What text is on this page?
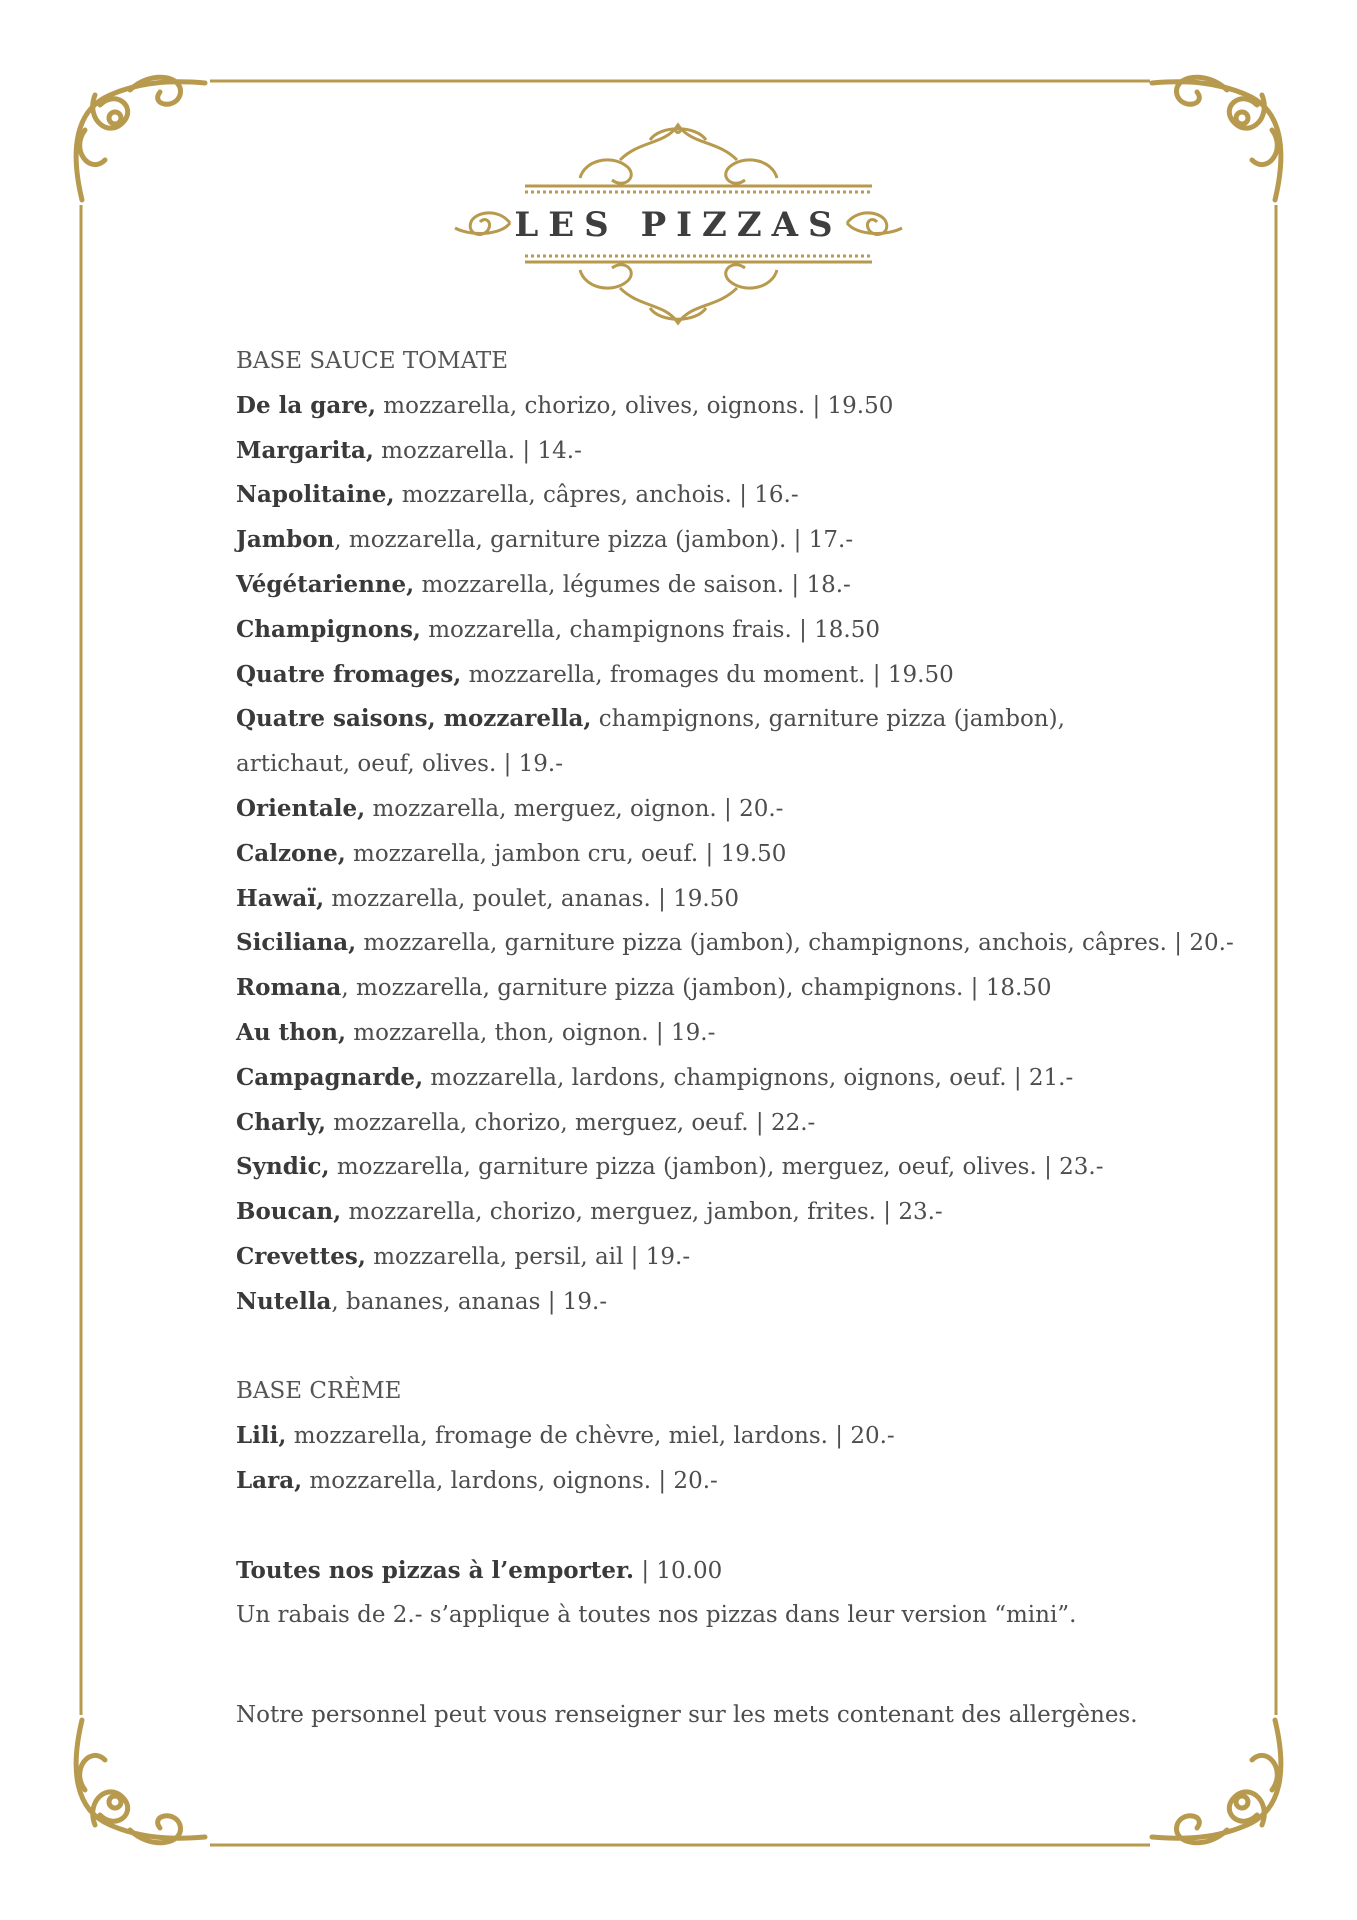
LES PIZZAS
BASE SAUCE TOMATE
De la gare, mozzarella, chorizo, olives, oignons. | 19.50
Margarita, mozzarella. | 14.-
Napolitaine, mozzarella, câpres, anchois. | 16.-
Jambon, mozzarella, garniture pizza (jambon). | 17.-
Végétarienne, mozzarella, légumes de saison. | 18.-
Champignons, mozzarella, champignons frais. | 18.50
Quatre fromages, mozzarella, fromages du moment. | 19.50
Quatre saisons, mozzarella, champignons, garniture pizza (jambon),
artichaut, oeuf, olives. | 19.-
Orientale, mozzarella, merguez, oignon. | 20.-
Calzone, mozzarella, jambon cru, oeuf. | 19.50
Hawaï, mozzarella, poulet, ananas. | 19.50
Siciliana, mozzarella, garniture pizza (jambon), champignons, anchois, câpres. | 20.-
Romana, mozzarella, garniture pizza (jambon), champignons. | 18.50
Au thon, mozzarella, thon, oignon. | 19.-
Campagnarde, mozzarella, lardons, champignons, oignons, oeuf. | 21.-
Charly, mozzarella, chorizo, merguez, oeuf. | 22.-
Syndic, mozzarella, garniture pizza (jambon), merguez, oeuf, olives. | 23.-
Boucan, mozzarella, chorizo, merguez, jambon, frites. | 23.-
Crevettes, mozzarella, persil, ail | 19.-
Nutella, bananes, ananas | 19.-
BASE CRÈME
Lili, mozzarella, fromage de chèvre, miel, lardons. | 20.-
Lara, mozzarella, lardons, oignons. | 20.-
Toutes nos pizzas à l’emporter. | 10.00
Un rabais de 2.- s’applique à toutes nos pizzas dans leur version “mini”.
Notre personnel peut vous renseigner sur les mets contenant des allergènes.
